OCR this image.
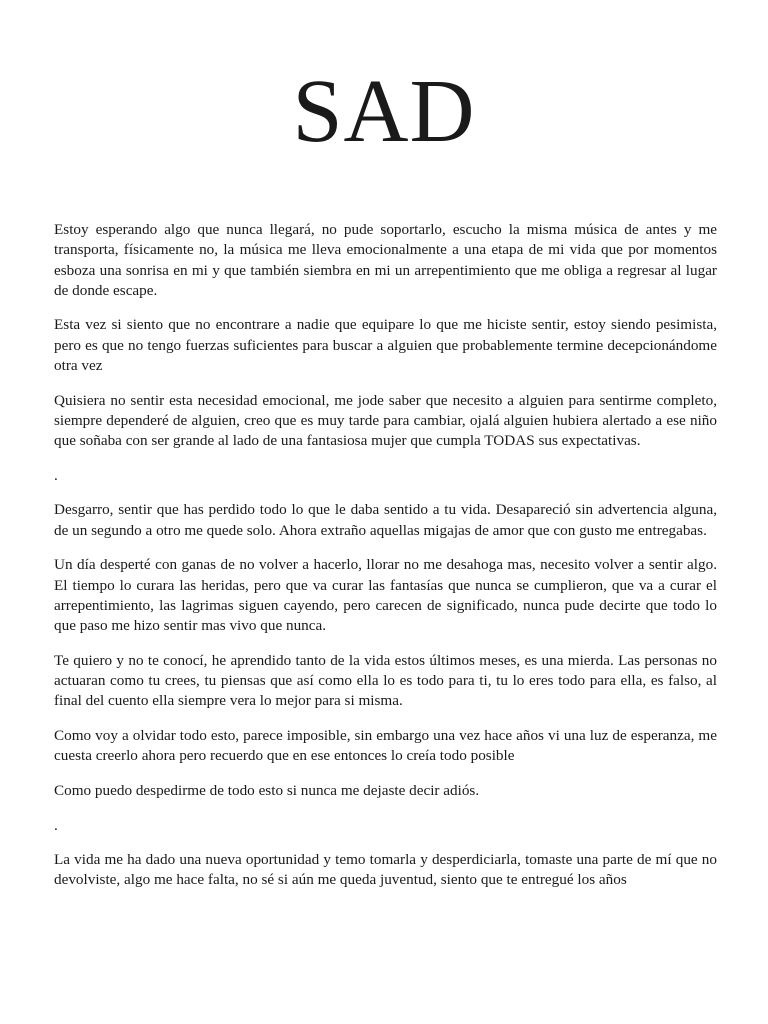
SAD

Estoy esperando algo que nunca llegará, no pude soportarlo, escucho la misma música de antes y me transporta, físicamente no, la música me lleva emocionalmente a una etapa de mi vida que por momentos esboza una sonrisa en mi y que también siembra en mi un arrepentimiento que me obliga a regresar al lugar de donde escape.

Esta vez si siento que no encontrare a nadie que equipare lo que me hiciste sentir, estoy siendo pesimista, pero es que no tengo fuerzas suficientes para buscar a alguien que probablemente termine decepcionándome otra vez

Quisiera no sentir esta necesidad emocional, me jode saber que necesito a alguien para sentirme completo, siempre dependeré de alguien, creo que es muy tarde para cambiar, ojalá alguien hubiera alertado a ese niño que soñaba con ser grande al lado de una fantasiosa mujer que cumpla TODAS sus expectativas.

.

Desgarro, sentir que has perdido todo lo que le daba sentido a tu vida. Desapareció sin advertencia alguna, de un segundo a otro me quede solo. Ahora extraño aquellas migajas de amor que con gusto me entregabas.

Un día desperté con ganas de no volver a hacerlo, llorar no me desahoga mas, necesito volver a sentir algo. El tiempo lo curara las heridas, pero que va curar las fantasías que nunca se cumplieron, que va a curar el arrepentimiento, las lagrimas siguen cayendo, pero carecen de significado, nunca pude decirte que todo lo que paso me hizo sentir mas vivo que nunca.

Te quiero y no te conocí, he aprendido tanto de la vida estos últimos meses, es una mierda. Las personas no actuaran como tu crees, tu piensas que así como ella lo es todo para ti, tu lo eres todo para ella, es falso, al final del cuento ella siempre vera lo mejor para si misma.

Como voy a olvidar todo esto, parece imposible, sin embargo una vez hace años vi una luz de esperanza, me cuesta creerlo ahora pero recuerdo que en ese entonces lo creía todo posible

Como puedo despedirme de todo esto si nunca me dejaste decir adiós.

.

La vida me ha dado una nueva oportunidad y temo tomarla y desperdiciarla, tomaste una parte de mí que no devolviste, algo me hace falta, no sé si aún me queda juventud, siento que te entregué los años
